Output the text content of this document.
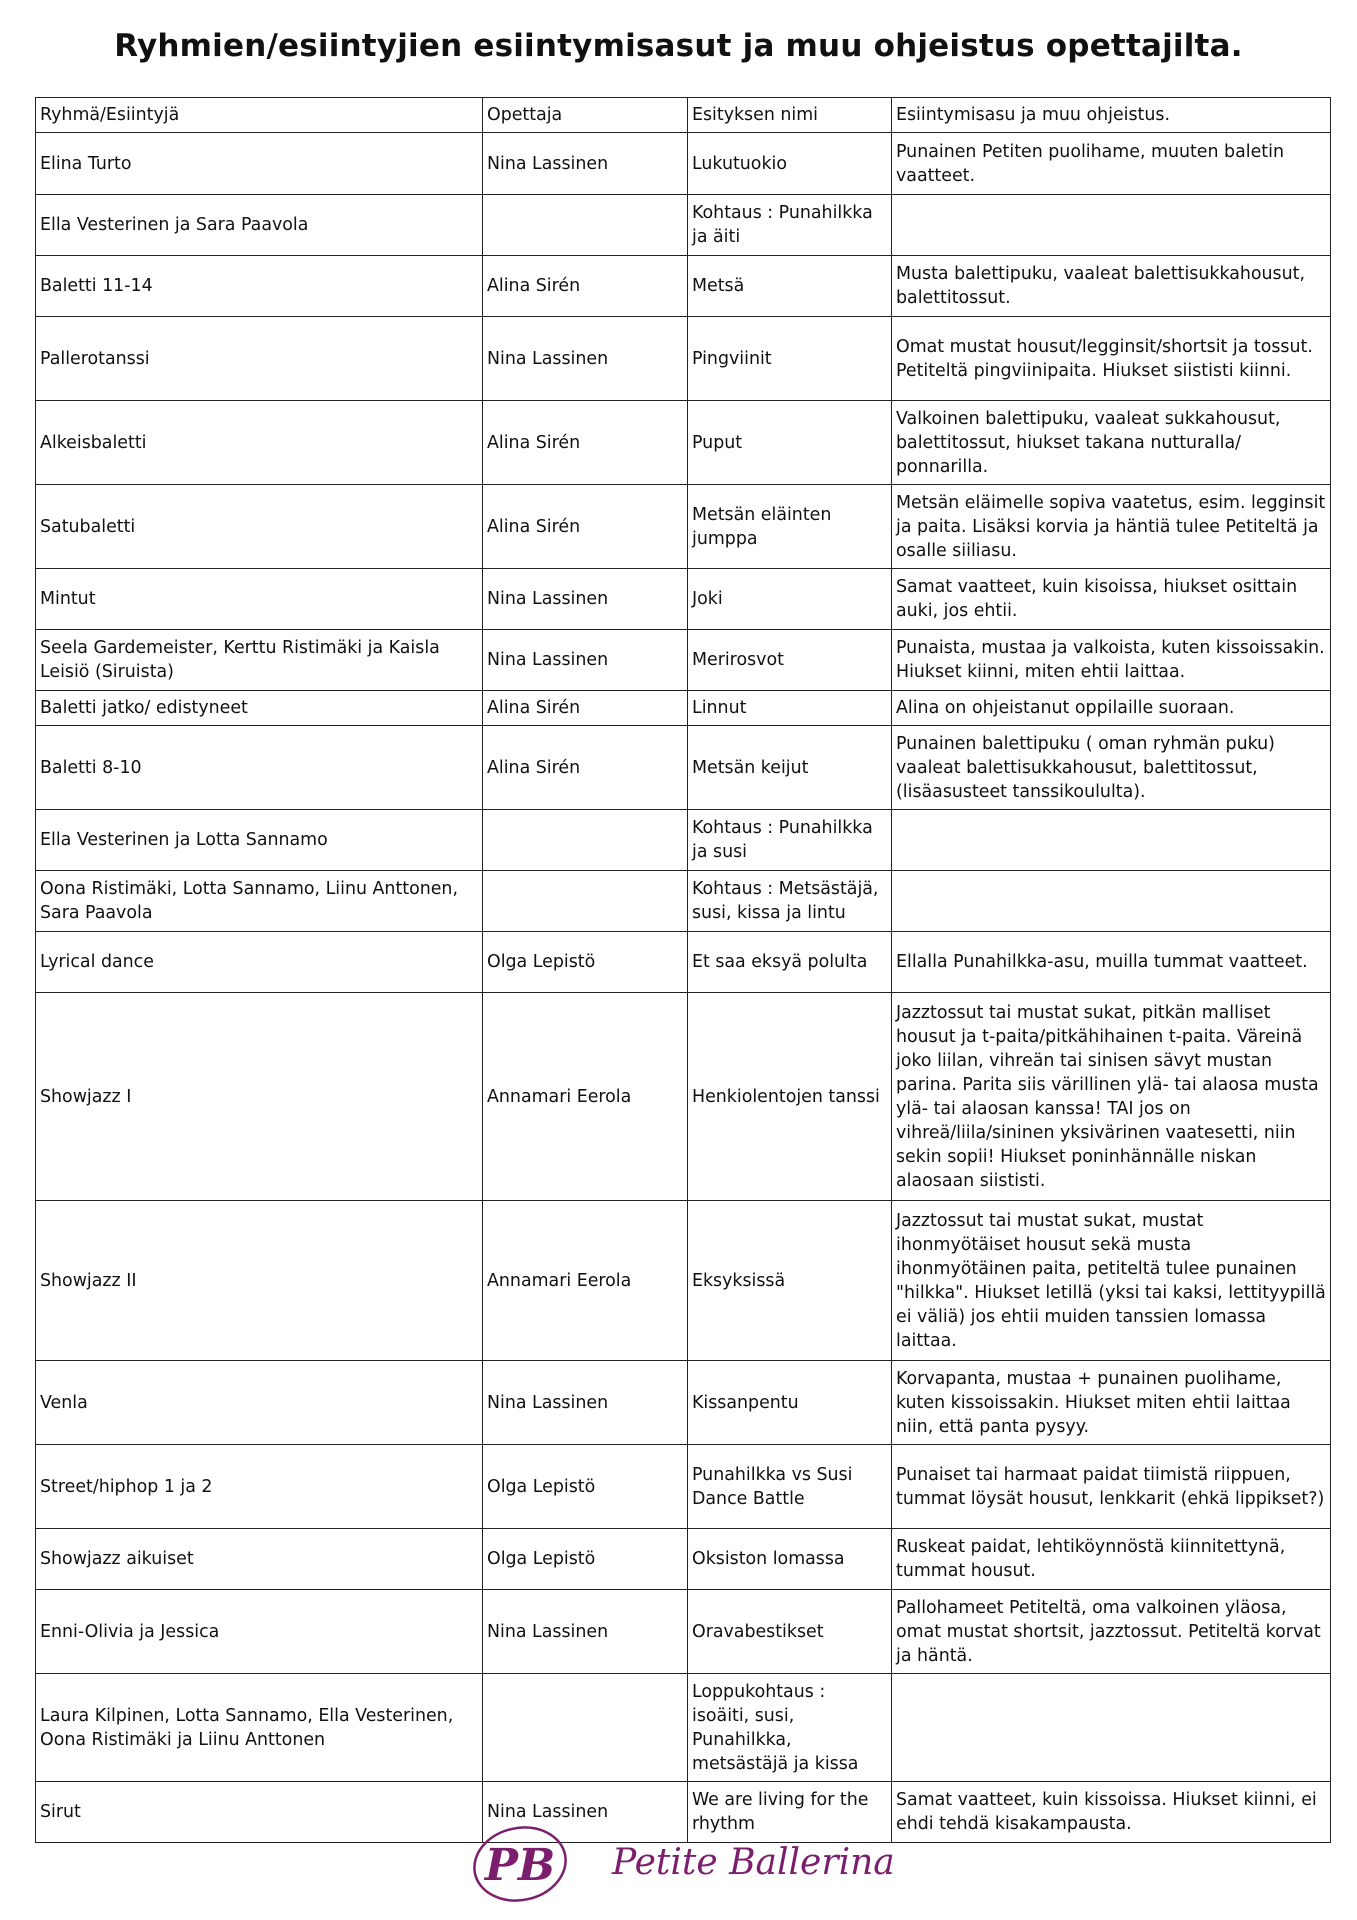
Ryhmien/esiintyjien esiintymisasut ja muu ohjeistus opettajilta.
Ryhmä/Esiintyjä	Opettaja	Esityksen nimi	Esiintymisasu ja muu ohjeistus.
Elina Turto	Nina Lassinen	Lukutuokio	Punainen Petiten puolihame, muuten baletin vaatteet.
Ella Vesterinen ja Sara Paavola		Kohtaus : Punahilkka ja äiti	
Baletti 11-14	Alina Sirén	Metsä	Musta balettipuku, vaaleat balettisukkahousut, balettitossut.
Pallerotanssi	Nina Lassinen	Pingviinit	Omat mustat housut/legginsit/shortsit ja tossut. Petiteltä pingviinipaita. Hiukset siististi kiinni.
Alkeisbaletti	Alina Sirén	Puput	Valkoinen balettipuku, vaaleat sukkahousut, balettitossut, hiukset takana nutturalla/ ponnarilla.
Satubaletti	Alina Sirén	Metsän eläinten jumppa	Metsän eläimelle sopiva vaatetus, esim. legginsit ja paita. Lisäksi korvia ja häntiä tulee Petiteltä ja osalle siiliasu.
Mintut	Nina Lassinen	Joki	Samat vaatteet, kuin kisoissa, hiukset osittain auki, jos ehtii.
Seela Gardemeister, Kerttu Ristimäki ja Kaisla Leisiö (Siruista)	Nina Lassinen	Merirosvot	Punaista, mustaa ja valkoista, kuten kissoissakin. Hiukset kiinni, miten ehtii laittaa.
Baletti jatko/ edistyneet	Alina Sirén	Linnut	Alina on ohjeistanut oppilaille suoraan.
Baletti 8-10	Alina Sirén	Metsän keijut	Punainen balettipuku ( oman ryhmän puku) vaaleat balettisukkahousut, balettitossut, (lisäasusteet tanssikoululta).
Ella Vesterinen ja Lotta Sannamo		Kohtaus : Punahilkka ja susi	
Oona Ristimäki, Lotta Sannamo, Liinu Anttonen, Sara Paavola		Kohtaus : Metsästäjä, susi, kissa ja lintu	
Lyrical dance	Olga Lepistö	Et saa eksyä polulta	Ellalla Punahilkka-asu, muilla tummat vaatteet.
Showjazz I	Annamari Eerola	Henkiolentojen tanssi	Jazztossut tai mustat sukat, pitkän malliset housut ja t-paita/pitkähihainen t-paita. Väreinä joko liilan, vihreän tai sinisen sävyt mustan parina. Parita siis värillinen ylä- tai alaosa musta ylä- tai alaosan kanssa! TAI jos on vihreä/liila/sininen yksivärinen vaatesetti, niin sekin sopii! Hiukset poninhännälle niskan alaosaan siististi.
Showjazz II	Annamari Eerola	Eksyksissä	Jazztossut tai mustat sukat, mustat ihonmyötäiset housut sekä musta ihonmyötäinen paita, petiteltä tulee punainen "hilkka". Hiukset letillä (yksi tai kaksi, lettityypillä ei väliä) jos ehtii muiden tanssien lomassa laittaa.
Venla	Nina Lassinen	Kissanpentu	Korvapanta, mustaa + punainen puolihame, kuten kissoissakin. Hiukset miten ehtii laittaa niin, että panta pysyy.
Street/hiphop 1 ja 2	Olga Lepistö	Punahilkka vs Susi Dance Battle	Punaiset tai harmaat paidat tiimistä riippuen, tummat löysät housut, lenkkarit (ehkä lippikset?)
Showjazz aikuiset	Olga Lepistö	Oksiston lomassa	Ruskeat paidat, lehtiköynnöstä kiinnitettynä, tummat housut.
Enni-Olivia ja Jessica	Nina Lassinen	Oravabestikset	Pallohameet Petiteltä, oma valkoinen yläosa, omat mustat shortsit, jazztossut. Petiteltä korvat ja häntä.
Laura Kilpinen, Lotta Sannamo, Ella Vesterinen, Oona Ristimäki ja Liinu Anttonen		Loppukohtaus : isoäiti, susi, Punahilkka, metsästäjä ja kissa	
Sirut	Nina Lassinen	We are living for the rhythm	Samat vaatteet, kuin kissoissa. Hiukset kiinni, ei ehdi tehdä kisakampausta.
PB Petite Ballerina
